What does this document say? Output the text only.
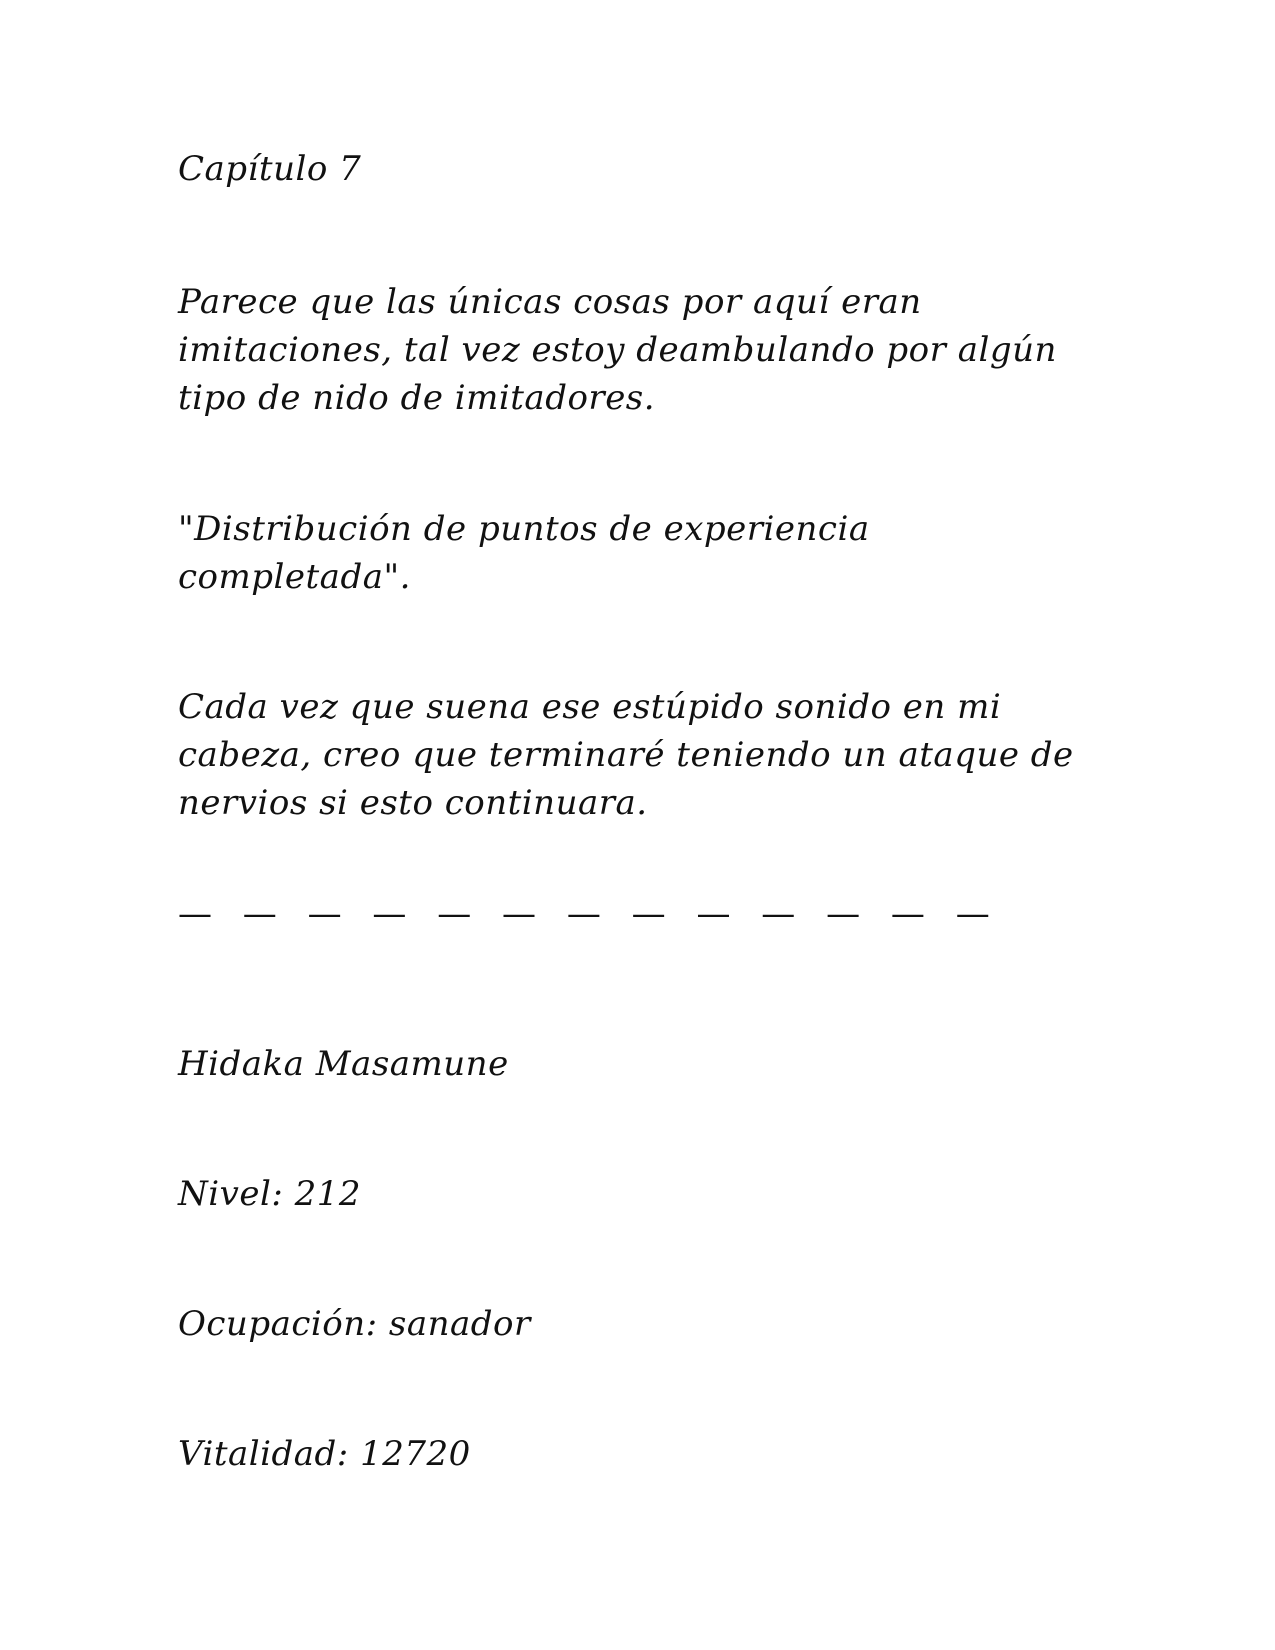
Capítulo 7

Parece que las únicas cosas por aquí eran imitaciones, tal vez estoy deambulando por algún tipo de nido de imitadores.

"Distribución de puntos de experiencia completada".

Cada vez que suena ese estúpido sonido en mi cabeza, creo que terminaré teniendo un ataque de nervios si esto continuara.

— — — — — — — — — — — — —

Hidaka Masamune

Nivel: 212

Ocupación: sanador

Vitalidad: 12720
